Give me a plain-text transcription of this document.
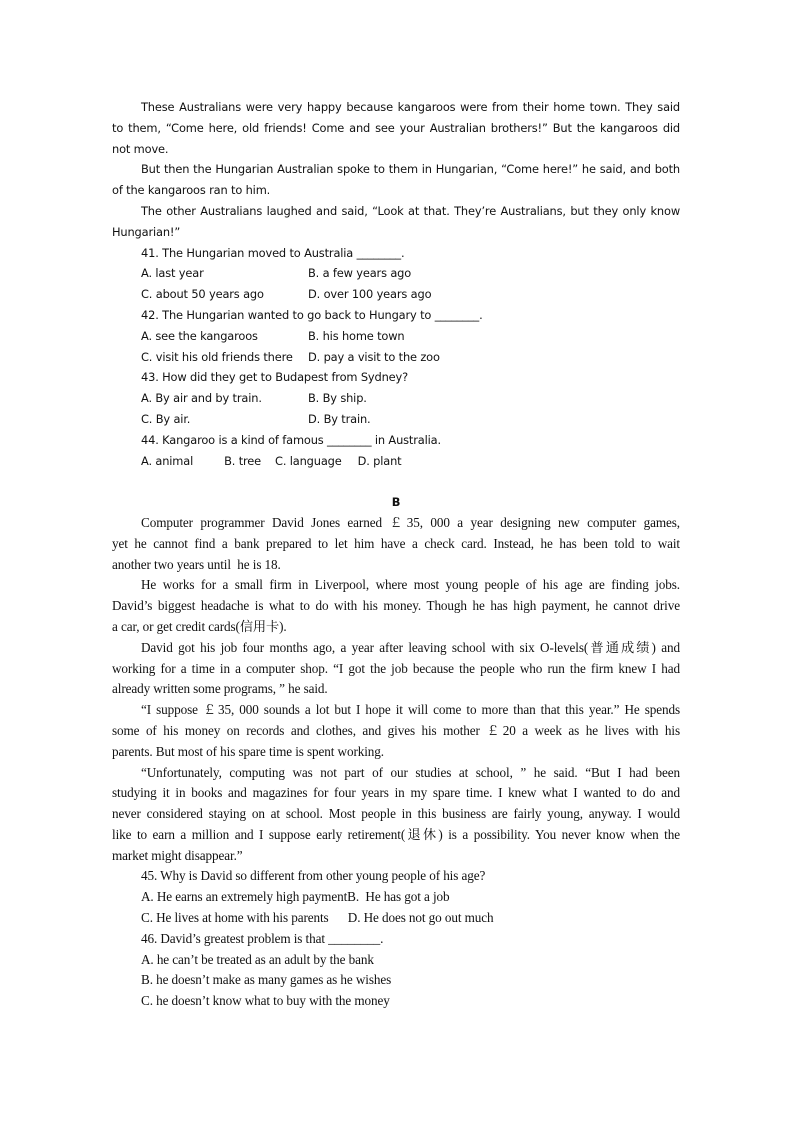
These Australians were very happy because kangaroos were from their home town. They said

to them, “Come here, old friends! Come and see your Australian brothers!” But the kangaroos did

not move.

But then the Hungarian Australian spoke to them in Hungarian, “Come here!” he said, and both

of the kangaroos ran to him.

The other Australians laughed and said, “Look at that. They’re Australians, but they only know

Hungarian!”

41. The Hungarian moved to Australia ________.

A. last year	B. a few years ago
C. about 50 years ago	D. over 100 years ago

42. The Hungarian wanted to go back to Hungary to ________.

A. see the kangaroos	B. his home town
C. visit his old friends there	D. pay a visit to the zoo

43. How did they get to Budapest from Sydney?

A. By air and by train.	B. By ship.
C. By air.	D. By train.

44. Kangaroo is a kind of famous ________ in Australia.

A. animal	B. tree C. language D. plant

B

Computer programmer David Jones earned ￡35, 000 a year designing new computer games,

yet he cannot find a bank prepared to let him have a check card. Instead, he has been told to wait

another two years until  he is 18.

He works for a small firm in Liverpool, where most young people of his age are finding jobs.

David’s biggest headache is what to do with his money. Though he has high payment, he cannot drive

a car, or get credit cards(信用卡).

David got his job four months ago, a year after leaving school with six O-levels(普通成绩) and

working for a time in a computer shop. “I got the job because the people who run the firm knew I had

already written some programs, ” he said.

“I suppose ￡35, 000 sounds a lot but I hope it will come to more than that this year.” He spends

some of his money on records and clothes, and gives his mother ￡20 a week as he lives with his

parents. But most of his spare time is spent working.

“Unfortunately, computing was not part of our studies at school, ” he said. “But I had been

studying it in books and magazines for four years in my spare time. I knew what I wanted to do and

never considered staying on at school. Most people in this business are fairly young, anyway. I would

like to earn a million and I suppose early retirement(退休) is a possibility. You never know when the

market might disappear.”

45. Why is David so different from other young people of his age?

A. He earns an extremely high paymentB.  He has got a job

C. He lives at home with his parents      D. He does not go out much

46. David’s greatest problem is that ________.

A. he can’t be treated as an adult by the bank

B. he doesn’t make as many games as he wishes

C. he doesn’t know what to buy with the money
